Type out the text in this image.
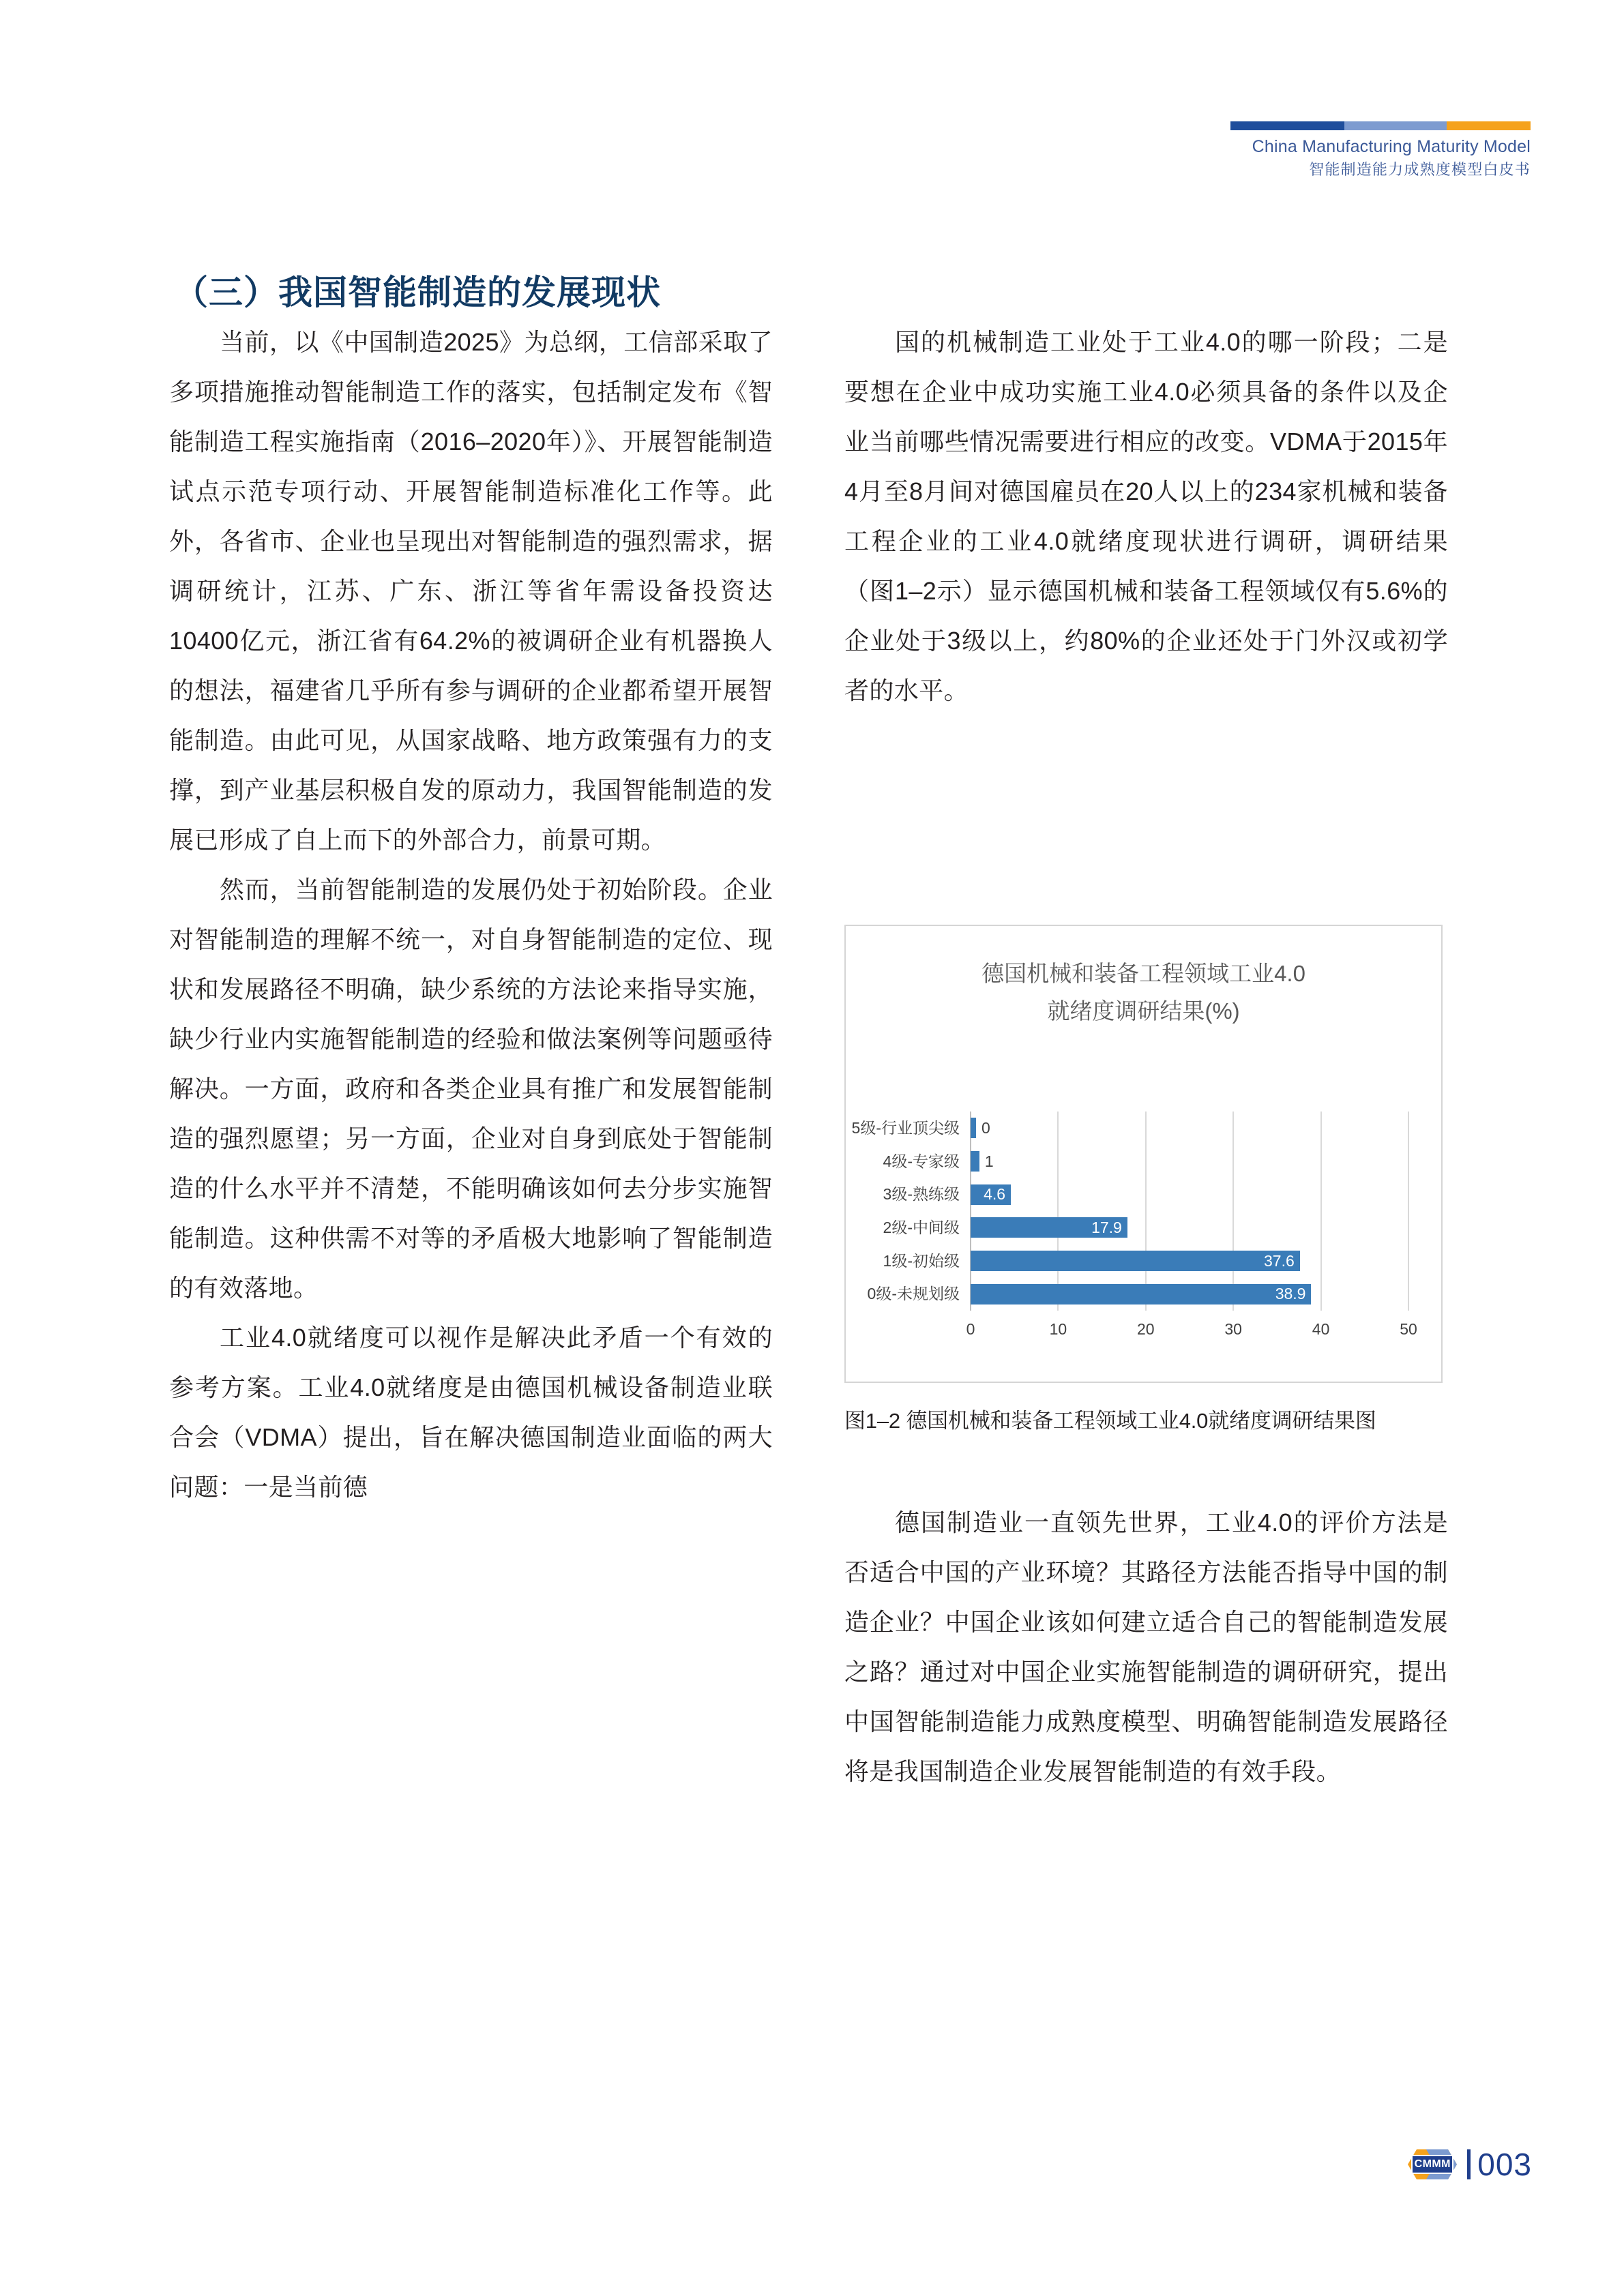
China Manufacturing Maturity Model
智能制造能力成熟度模型白皮书
（三）我国智能制造的发展现状

当前，以《中国制造2025》为总纲，工信部采取了多项措施推动智能制造工作的落实，包括制定发布《智能制造工程实施指南（2016–2020年）》、开展智能制造试点示范专项行动、开展智能制造标准化工作等。此外，各省市、企业也呈现出对智能制造的强烈需求，据调研统计，江苏、广东、浙江等省年需设备投资达10400亿元，浙江省有64.2%的被调研企业有机器换人的想法，福建省几乎所有参与调研的企业都希望开展智能制造。由此可见，从国家战略、地方政策强有力的支撑，到产业基层积极自发的原动力，我国智能制造的发展已形成了自上而下的外部合力，前景可期。

然而，当前智能制造的发展仍处于初始阶段。企业对智能制造的理解不统一，对自身智能制造的定位、现状和发展路径不明确，缺少系统的方法论来指导实施，缺少行业内实施智能制造的经验和做法案例等问题亟待解决。一方面，政府和各类企业具有推广和发展智能制造的强烈愿望；另一方面，企业对自身到底处于智能制造的什么水平并不清楚，不能明确该如何去分步实施智能制造。这种供需不对等的矛盾极大地影响了智能制造的有效落地。

工业4.0就绪度可以视作是解决此矛盾一个有效的参考方案。工业4.0就绪度是由德国机械设备制造业联合会（VDMA）提出，旨在解决德国制造业面临的两大问题：一是当前德

国的机械制造工业处于工业4.0的哪一阶段；二是要想在企业中成功实施工业4.0必须具备的条件以及企业当前哪些情况需要进行相应的改变。VDMA于2015年4月至8月间对德国雇员在20人以上的234家机械和装备工程企业的工业4.0就绪度现状进行调研，调研结果（图1–2示）显示德国机械和装备工程领域仅有5.6%的企业处于3级以上，约80%的企业还处于门外汉或初学者的水平。

德国机械和装备工程领域工业4.0
就绪度调研结果(%)
5级-行业顶尖级 0
4级-专家级 1
3级-熟练级 4.6
2级-中间级	17.9
1级-初始级	37.6
0级-未规划级	38.9
0	10	20	30	40	50
图1–2 德国机械和装备工程领域工业4.0就绪度调研结果图

德国制造业一直领先世界，工业4.0的评价方法是否适合中国的产业环境？其路径方法能否指导中国的制造企业？中国企业该如何建立适合自己的智能制造发展之路？通过对中国企业实施智能制造的调研研究，提出中国智能制造能力成熟度模型、明确智能制造发展路径将是我国制造企业发展智能制造的有效手段。

CMMM 003
